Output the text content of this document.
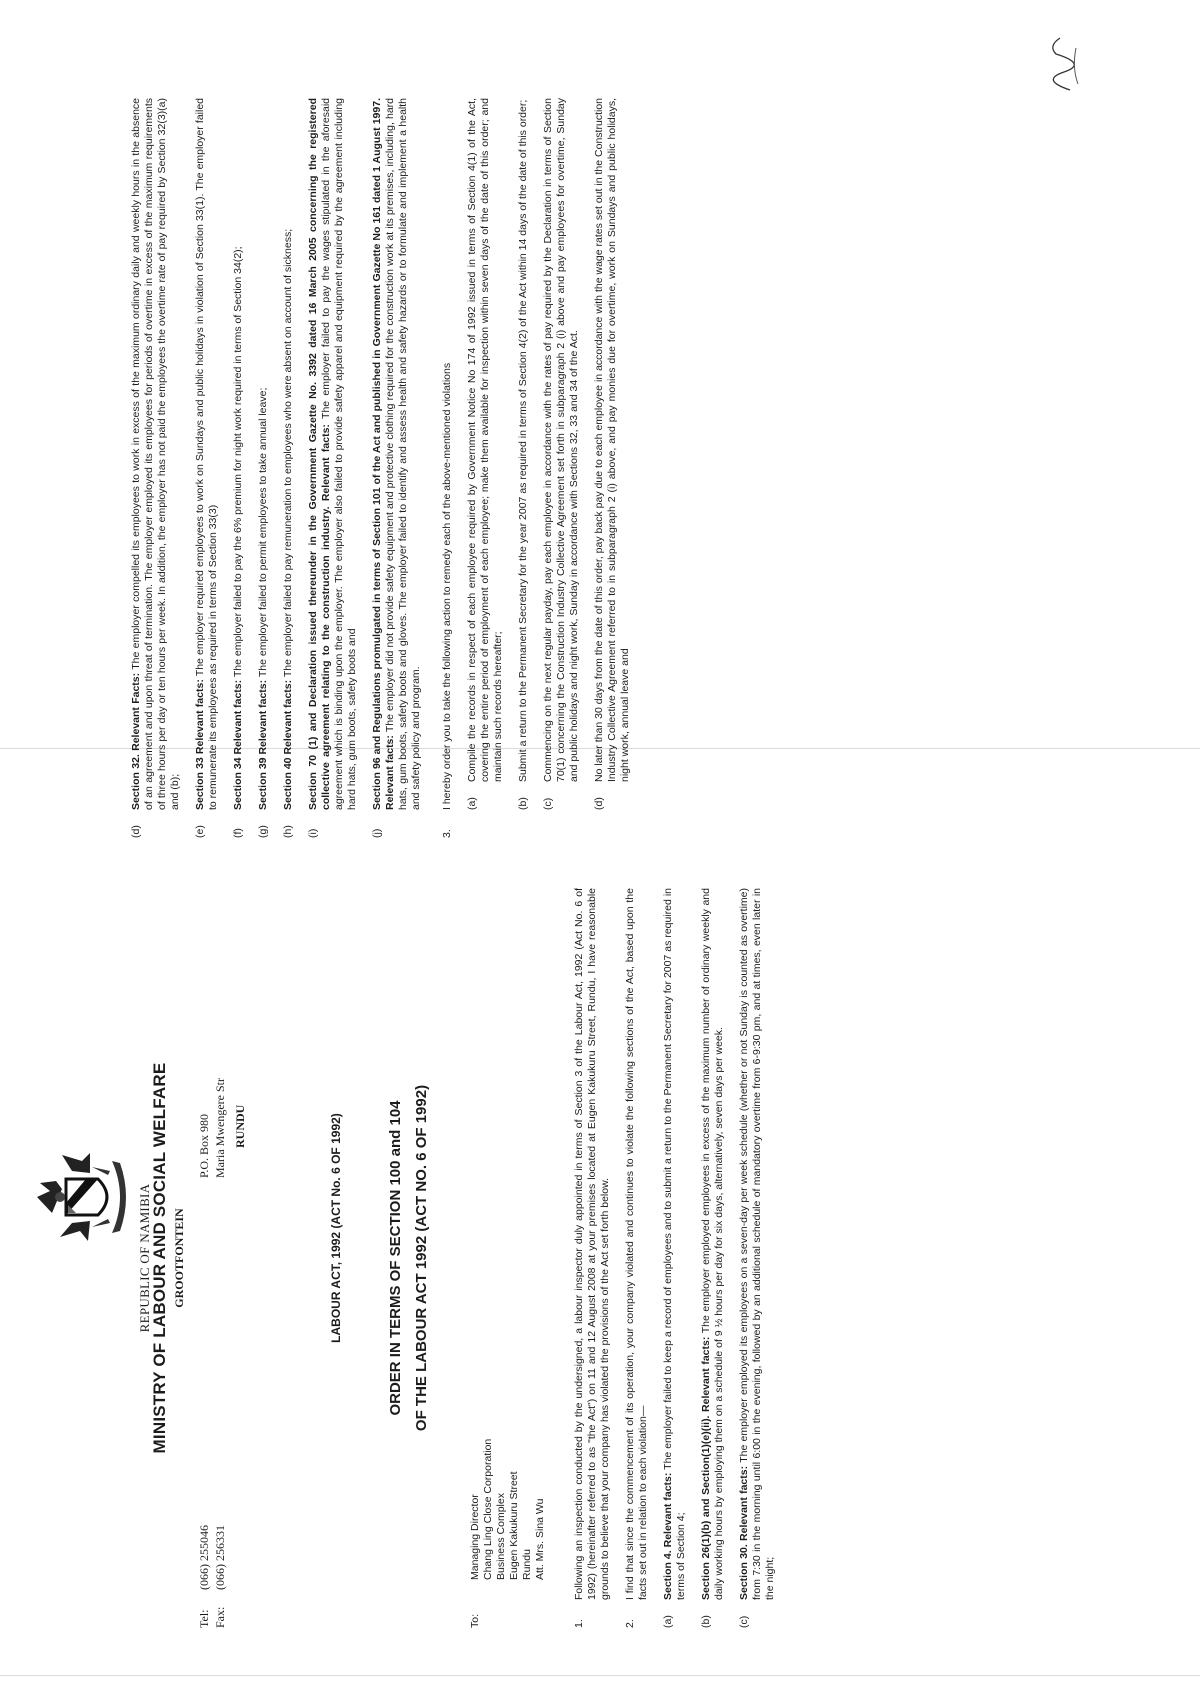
REPUBLIC OF NAMIBIA
MINISTRY OF LABOUR AND SOCIAL WELFARE GROOTFONTEIN
Tel:(066) 255046
Fax:(066) 256331
P.O. Box 980 Maria Mwengere Str RUNDU	LABOUR ACT, 1992 (ACT No. 6 OF 1992)	ORDER IN TERMS OF SECTION 100 and 104 OF THE LABOUR ACT 1992 (ACT NO. 6 OF 1992)
To:
Managing Director Chang Ling Close Corporation Business Complex Eugen Kakukuru Street Rundu Att. Mrs. Sina Wu
1.
Following an inspection conducted by the undersigned, a labour inspector duly appointed in terms of Section 3 of the Labour Act, 1992 (Act No. 6 of 1992) (hereinafter referred to as "the Act") on 11 and 12 August 2008 at your premises located at Eugen Kakukuru Street, Rundu, I have reasonable grounds to believe that your company has violated the provisions of the Act set forth below.
2.
I find that since the commencement of its operation, your company violated and continues to violate the following sections of the Act, based upon the facts set out in relation to each violation—
(a)
Section 4. Relevant facts: The employer failed to keep a record of employees and to submit a return to the Permanent Secretary for 2007 as required in terms of Section 4;
(b)
Section 26(1)(b) and Section(1)(e)(ii). Relevant facts: The employer employed employees in excess of the maximum number of ordinary weekly and daily working hours by employing them on a schedule of 9 ½ hours per day for six days, alternatively, seven days per week.
(c)
Section 30. Relevant facts: The employer employed its employees on a seven-day per week schedule (whether or not Sunday is counted as overtime) from 7:30 in the morning until 6:00 in the evening, followed by an additional schedule of mandatory overtime from 6-9:30 pm, and at times, even later in the night;
(d)
Section 32. Relevant Facts: The employer compelled its employees to work in excess of the maximum ordinary daily and weekly hours in the absence of an agreement and upon threat of termination. The employer employed its employees for periods of overtime in excess of the maximum requirements of three hours per day or ten hours per week. In addition, the employer has not paid the employees the overtime rate of pay required by Section 32(3)(a) and (b);
(e)
Section 33 Relevant facts: The employer required employees to work on Sundays and public holidays in violation of Section 33(1). The employer failed to remunerate its employees as required in terms of Section 33(3)
(f)
Section 34 Relevant facts: The employer failed to pay the 6% premium for night work required in terms of Section 34(2);
(g)
Section 39 Relevant facts: The employer failed to permit employees to take annual leave;
(h)
Section 40 Relevant facts: The employer failed to pay remuneration to employees who were absent on account of sickness;
(i)
Section 70 (1) and Declaration issued thereunder in the Government Gazette No. 3392 dated 16 March 2005 concerning the registered collective agreement relating to the construction industry. Relevant facts: The employer failed to pay the wages stipulated in the aforesaid agreement which is binding upon the employer. The employer also failed to provide safety apparel and equipment required by the agreement including hard hats, gum boots, safety boots and
(j)
Section 96 and Regulations promulgated in terms of Section 101 of the Act and published in Government Gazette No 161 dated 1 August 1997. Relevant facts: The employer did not provide safety equipment and protective clothing required for the construction work at its premises, including, hard hats, gum boots, safety boots and gloves. The employer failed to identify and assess health and safety hazards or to formulate and implement a health and safety policy and program.
3.
I hereby order you to take the following action to remedy each of the above-mentioned violations (a)
Compile the records in respect of each employee required by Government Notice No 174 of 1992 issued in terms of Section 4(1) of the Act, covering the entire period of employment of each employee; make them available for inspection within seven days of the date of this order; and maintain such records hereafter;
(b)
Submit a return to the Permanent Secretary for the year 2007 as required in terms of Section 4(2) of the Act within 14 days of the date of this order;
(c)
Commencing on the next regular payday, pay each employee in accordance with the rates of pay required by the Declaration in terms of Section 70(1) concerning the Construction Industry Collective Agreement set forth in subparagraph 2 (i) above and pay employees for overtime, Sunday and public holidays and night work, Sunday in accordance with Sections 32, 33 and 34 of the Act.
(d)
No later than 30 days from the date of this order, pay back pay due to each employee in accordance with the wage rates set out in the Construction Industry Collective Agreement referred to in subparagraph 2 (i) above, and pay monies due for overtime, work on Sundays and public holidays, night work, annual leave and
